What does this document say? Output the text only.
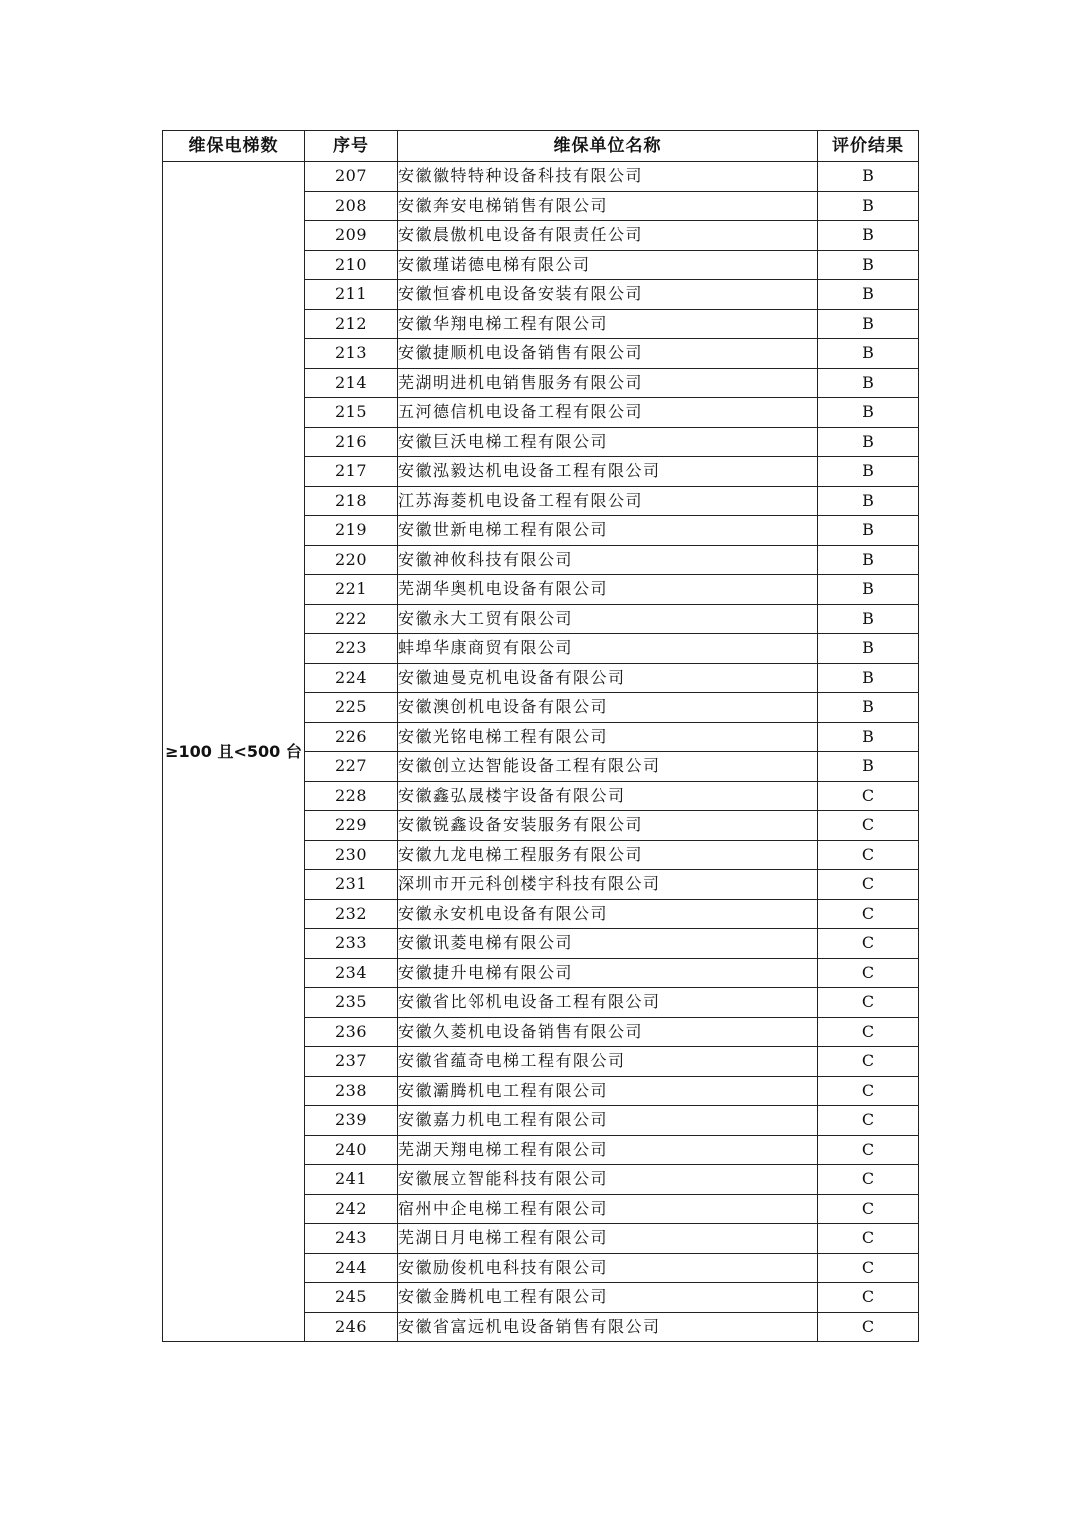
维保电梯数	序号	维保单位名称	评价结果
≥100 且<500 台	207	安徽徽特特种设备科技有限公司	B
	208	安徽奔安电梯销售有限公司	B
	209	安徽晨傲机电设备有限责任公司	B
	210	安徽瑾诺德电梯有限公司	B
	211	安徽恒睿机电设备安装有限公司	B
	212	安徽华翔电梯工程有限公司	B
	213	安徽捷顺机电设备销售有限公司	B
	214	芜湖明进机电销售服务有限公司	B
	215	五河德信机电设备工程有限公司	B
	216	安徽巨沃电梯工程有限公司	B
	217	安徽泓毅达机电设备工程有限公司	B
	218	江苏海菱机电设备工程有限公司	B
	219	安徽世新电梯工程有限公司	B
	220	安徽神攸科技有限公司	B
	221	芜湖华奥机电设备有限公司	B
	222	安徽永大工贸有限公司	B
	223	蚌埠华康商贸有限公司	B
	224	安徽迪曼克机电设备有限公司	B
	225	安徽澳创机电设备有限公司	B
	226	安徽光铭电梯工程有限公司	B
	227	安徽创立达智能设备工程有限公司	B
	228	安徽鑫弘晟楼宇设备有限公司	C
	229	安徽锐鑫设备安装服务有限公司	C
	230	安徽九龙电梯工程服务有限公司	C
	231	深圳市开元科创楼宇科技有限公司	C
	232	安徽永安机电设备有限公司	C
	233	安徽讯菱电梯有限公司	C
	234	安徽捷升电梯有限公司	C
	235	安徽省比邻机电设备工程有限公司	C
	236	安徽久菱机电设备销售有限公司	C
	237	安徽省蕴奇电梯工程有限公司	C
	238	安徽灞腾机电工程有限公司	C
	239	安徽嘉力机电工程有限公司	C
	240	芜湖天翔电梯工程有限公司	C
	241	安徽展立智能科技有限公司	C
	242	宿州中企电梯工程有限公司	C
	243	芜湖日月电梯工程有限公司	C
	244	安徽励俊机电科技有限公司	C
	245	安徽金腾机电工程有限公司	C
	246	安徽省富远机电设备销售有限公司	C
